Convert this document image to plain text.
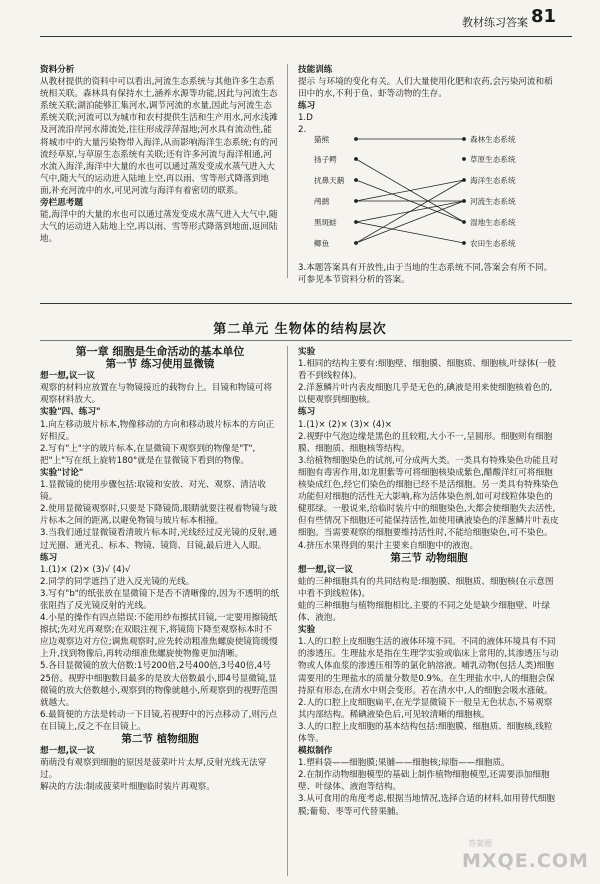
教材练习答案 81

资料分析

从教材提供的资料中可以看出,河流生态系统与其他许多生态系统相关联。森林具有保持水土,涵养水源等功能,因此与河流生态系统关联;湖泊能够汇集河水,调节河流的水量,因此与河流生态系统关联;河流可以为城市和农村提供生活和生产用水,河水浅滩及河流沿岸河水滞流处,往往形成浮萍湿地;河水具有流动性,能将城市中的大量污染物带入海洋,从而影响海洋生态系统;有的河流经草原,与草原生态系统有关联;还有许多河流与海洋相通,河水流入海洋,海洋中大量的水也可以通过蒸发变成水蒸气进入大气中,随大气的运动进入陆地上空,再以雨、雪等形式降落到地面,补充河流中的水,可见河流与海洋有着密切的联系。

旁栏思考题

能,海洋中的大量的水也可以通过蒸发变成水蒸气进入大气中,随大气的运动进入陆地上空,再以雨、雪等形式降落到地面,返回陆地。

技能训练

提示 与环境的变化有关。人们大量使用化肥和农药,会污染河流和稻田中的水,不利于鱼、虾等动物的生存。

练习

1.D

2.

猫熊
扬子鳄
扰鼻天鹅
鸬鹚
黑斑蛙
鲫鱼
森林生态系统
草原生态系统
海洋生态系统
河流生态系统
湿地生态系统
农田生态系统

3.本题答案具有开放性,由于当地的生态系统不同,答案会有所不同。可参见本节资料分析的答案。

第二单元 生物体的结构层次

第一章 细胞是生命活动的基本单位

第一节 练习使用显微镜

想一想,议一议

观察的材料应放置在与物镜接近的载物台上。目镜和物镜可将观察材料放大。

实验"四、练习"

1.向左移动玻片标本,物像移动的方向和移动玻片标本的方向正好相反。

2.写有"上"字的玻片标本,在显微镜下观察到的物像是"T",把"上"写在纸上旋转180°就是在显微镜下看到的物像。

实验"讨论"

1.显微镜的使用步骤包括:取镜和安放、对光、观察、清洁收镜。

2.使用显微镜观察时,只要是下降镜筒,眼睛就要注视着物镜与玻片标本之间的距离,以避免物镜与玻片标本相撞。

3.当我们通过显微镜看清玻片标本时,光线经过反光镜的反射,通过光圈、通光孔、标本、物镜、镜筒、目镜,最后进入人眼。

练习

1.(1)× (2)× (3)√ (4)√

2.同学的同学遮挡了进入反光镜的光线。

3.写有"b"的纸张放在显微镜下是否不清晰像的,因为不透明的纸张阻挡了反光镜反射的光线。

4.小星的操作有四点错误:不能用纱布擦拭目镜,一定要用擦镜纸擦拭;先对光再观察;在双眼注视下,将镜筒下降至观察标本时不应边观察边对方位;调焦观察时,应先转动粗准焦螺旋使镜筒缓慢上升,找到物像后,再转动细准焦螺旋使物像更加清晰。

5.各目显微镜的放大倍数:1号200倍,2号400倍,3号40倍,4号25倍。视野中细胞数目最多的是放大倍数最小,即4号显微镜,显微镜的放大倍数越小,观察到的物像就越小,所观察到的视野范围就越大。

6.最简便的方法是转动一下目镜,若视野中的污点移动了,则污点在目镜上,反之不在目镜上。

第二节 植物细胞

想一想,议一议

萌萌没有观察到细胞的原因是菠菜叶片太厚,反射光线无法穿过。

解决的方法:制成菠菜叶细胞临时装片再观察。

实验

1.相同的结构主要有:细胞壁、细胞膜、细胞质、细胞核,叶绿体(一般看不到线粒体)。

2.洋葱鳞片叶内表皮细胞几乎是无色的,碘液是用来使细胞核着色的,以便观察到细胞核。

练习

1.(1)× (2)× (3)× (4)×

2.视野中气泡边缘是黑色的且较粗,大小不一,呈圆形。细胞则有细胞膜、细胞质、细胞核等结构。

3.给植物细胞染色的试剂,可分成两大类。一类具有特殊染色功能且对细胞有毒害作用,如龙胆紫等可将细胞核染成紫色,醋酸洋红可将细胞核染成红色,经它们染色的细胞已经不是活细胞。另一类具有特殊染色功能但对细胞的活性无大影响,称为活体染色剂,如可对线粒体染色的健那绿。一般说来,给临时装片中的细胞染色,大都会使细胞失去活性,但有些情况下细胞还可能保持活性,如使用碘液染色的洋葱鳞片叶表皮细胞。当需要观察的细胞要维持活性时,不能给细胞染色,可不染色。

4.挤压水果得到的果汁主要来自细胞中的液泡。

第三节 动物细胞

想一想,议一议

蛙的三种细胞具有的共同结构是:细胞膜、细胞质、细胞核(在示意图中看不到线粒体)。

蛙的三种细胞与植物细胞相比,主要的不同之处是缺少细胞壁、叶绿体、液泡。

实验

1.人的口腔上皮细胞生活的液体环境不同。不同的液体环境具有不同的渗透压。生理盐水是指在生理学实验或临床上常用的,其渗透压与动物或人体血浆的渗透压相等的氯化钠溶液。哺乳动物(包括人类)细胞需要用的生理盐水的质量分数是0.9%。在生理盐水中,人的细胞会保持原有形态,在清水中则会变形。若在清水中,人的细胞会吸水涨破。

2.人的口腔上皮细胞扁平,在光学显微镜下一般呈无色状态,不易观察其内部结构。稀碘液染色后,可见较清晰的细胞核。

3.人的口腔上皮细胞的基本结构包括:细胞膜、细胞质、细胞核,线粒体等。

模拟制作

1.塑料袋——细胞膜;果脯——细胞核;琼脂——细胞质。

2.在制作动物细胞模型的基础上制作植物细胞模型,还需要添加细胞壁、叶绿体、液泡等结构。

3.从可食用的角度考虑,根据当地情况,选择合适的材料,如用替代细胞膜;葡萄、枣等可代替果脯。

答案圈
MXQE.COM
